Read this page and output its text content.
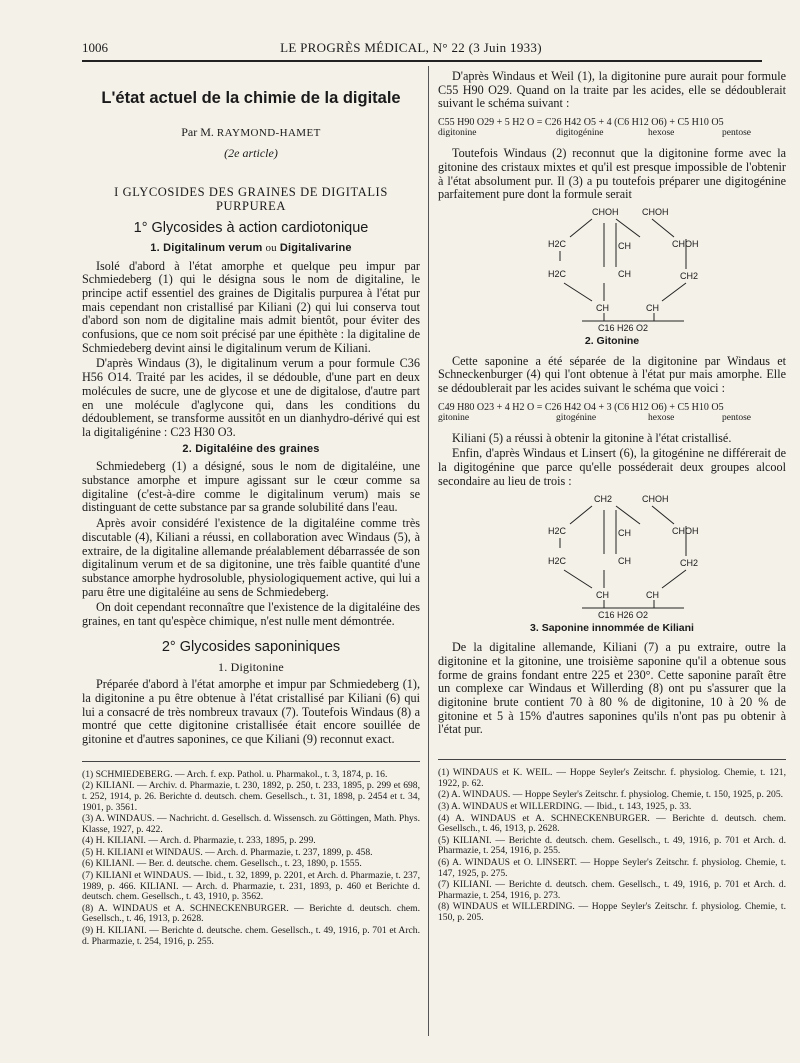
1006	LE PROGRÈS MÉDICAL, N° 22 (3 Juin 1933)
L'état actuel de la chimie de la digitale
Par M. RAYMOND-HAMET
(2e article)
I GLYCOSIDES DES GRAINES DE DIGITALIS PURPUREA
1° Glycosides à action cardiotonique
1. Digitalinum verum ou Digitalivarine

Isolé d'abord à l'état amorphe et quelque peu impur par Schmiedeberg (1) qui le désigna sous le nom de digitaline, le principe actif essentiel des graines de Digitalis purpurea à l'état pur mais cependant non cristallisé par Kiliani (2) qui lui conserva tout d'abord son nom de digitaline mais admit bientôt, pour éviter des confusions, que ce nom soit précisé par une épithète : la digitaline de Schmiedeberg devint ainsi le digitalinum verum de Kiliani.

D'après Windaus (3), le digitalinum verum a pour formule C36 H56 O14. Traité par les acides, il se dédouble, d'une part en deux molécules de sucre, une de glycose et une de digitalose, d'autre part en une molécule d'aglycone qui, dans les conditions du dédoublement, se transforme aussitôt en un dianhydro-dérivé qui est la digitaligénine : C23 H30 O3.

2. Digitaléine des graines

Schmiedeberg (1) a désigné, sous le nom de digitaléine, une substance amorphe et impure agissant sur le cœur comme sa digitaline (c'est-à-dire comme le digitalinum verum) mais se distinguant de cette substance par sa grande solubilité dans l'eau.

Après avoir considéré l'existence de la digitaléine comme très discutable (4), Kiliani a réussi, en collaboration avec Windaus (5), à extraire, de la digitaline allemande préalablement débarrassée de son digitalinum verum et de sa digitonine, une très faible quantité d'une substance amorphe hydrosoluble, physiologiquement active, qui lui a paru être une digitaléine au sens de Schmiedeberg.

On doit cependant reconnaître que l'existence de la digitaléine des graines, en tant qu'espèce chimique, n'est nulle ment démontrée.

2° Glycosides saponiniques
1. Digitonine

Préparée d'abord à l'état amorphe et impur par Schmiedeberg (1), la digitonine a pu être obtenue à l'état cristallisé par Kiliani (6) qui lui a consacré de très nombreux travaux (7). Toutefois Windaus (8) a montré que cette digitonine cristallisée était encore souillée de gitonine et d'autres saponines, ce que Kiliani (9) reconnut exact.

(1) SCHMIEDEBERG. — Arch. f. exp. Pathol. u. Pharmakol., t. 3, 1874, p. 16.
(2) KILIANI. — Archiv. d. Pharmazie, t. 230, 1892, p. 250, t. 233, 1895, p. 299 et 698, t. 252, 1914, p. 26. Berichte d. deutsch. chem. Gesellsch., t. 31, 1898, p. 2454 et t. 34, 1901, p. 3561.
(3) A. WINDAUS. — Nachricht. d. Gesellsch. d. Wissensch. zu Göttingen, Math. Phys. Klasse, 1927, p. 422.
(4) H. KILIANI. — Arch. d. Pharmazie, t. 233, 1895, p. 299.
(5) H. KILIANI et WINDAUS. — Arch. d. Pharmazie, t. 237, 1899, p. 458.
(6) KILIANI. — Ber. d. deutsche. chem. Gesellsch., t. 23, 1890, p. 1555.
(7) KILIANI et WINDAUS. — Ibid., t. 32, 1899, p. 2201, et Arch. d. Pharmazie, t. 237, 1989, p. 466. KILIANI. — Arch. d. Pharmazie, t. 231, 1893, p. 460 et Berichte d. deutsch. chem. Gesellsch., t. 43, 1910, p. 3562.
(8) A. WINDAUS et A. SCHNECKENBURGER. — Berichte d. deutsch. chem. Gesellsch., t. 46, 1913, p. 2628.
(9) H. KILIANI. — Berichte d. deutsche. chem. Gesellsch., t. 49, 1916, p. 701 et Arch. d. Pharmazie, t. 254, 1916, p. 255.

D'après Windaus et Weil (1), la digitonine pure aurait pour formule C55 H90 O29. Quand on la traite par les acides, elle se dédoublerait suivant le schéma suivant :

C55 H90 O29 + 5 H2 O = C26 H42 O5 + 4 (C6 H12 O6) + C5 H10 O5
digitonine	digitogénine	hexose	pentose

Toutefois Windaus (2) reconnut que la digitonine forme avec la gitonine des cristaux mixtes et qu'il est presque impossible de l'obtenir à l'état absolument pur. Il (3) a pu toutefois préparer une digitogénine parfaitement pure dont la formule serait

CHOH	CHOH
H2C
H2C
CH
CH
CHOH
CH2
CH	CH
C16 H26 O2
2. Gitonine

Cette saponine a été séparée de la digitonine par Windaus et Schneckenburger (4) qui l'ont obtenue à l'état pur mais amorphe. Elle se dédoublerait par les acides suivant le schéma que voici :

C49 H80 O23 + 4 H2 O = C26 H42 O4 + 3 (C6 H12 O6) + C5 H10 O5
gitonine	gitogénine	hexose	pentose

Kiliani (5) a réussi à obtenir la gitonine à l'état cristallisé.

Enfin, d'après Windaus et Linsert (6), la gitogénine ne différerait de la digitogénine que parce qu'elle posséderait deux groupes alcool secondaire au lieu de trois :

CH2	CHOH
H2C
H2C
CH
CH
CHOH
CH2
CH	CH
C16 H26 O2
3. Saponine innommée de Kiliani

De la digitaline allemande, Kiliani (7) a pu extraire, outre la digitonine et la gitonine, une troisième saponine qu'il a obtenue sous forme de grains fondant entre 225 et 230°. Cette saponine paraît être un complexe car Windaus et Willerding (8) ont pu s'assurer que la digitonine brute contient 70 à 80 % de digitonine, 10 à 20 % de gitonine et 5 à 15% d'autres saponines qu'ils n'ont pas pu obtenir à l'état pur.

(1) WINDAUS et K. WEIL. — Hoppe Seyler's Zeitschr. f. physiolog. Chemie, t. 121, 1922, p. 62.
(2) A. WINDAUS. — Hoppe Seyler's Zeitschr. f. physiolog. Chemie, t. 150, 1925, p. 205.
(3) A. WINDAUS et WILLERDING. — Ibid., t. 143, 1925, p. 33.
(4) A. WINDAUS et A. SCHNECKENBURGER. — Berichte d. deutsch. chem. Gesellsch., t. 46, 1913, p. 2628.
(5) KILIANI. — Berichte d. deutsch. chem. Gesellsch., t. 49, 1916, p. 701 et Arch. d. Pharmazie, t. 254, 1916, p. 255.
(6) A. WINDAUS et O. LINSERT. — Hoppe Seyler's Zeitschr. f. physiolog. Chemie, t. 147, 1925, p. 275.
(7) KILIANI. — Berichte d. deutsch. chem. Gesellsch., t. 49, 1916, p. 701 et Arch. d. Pharmazie, t. 254, 1916, p. 273.
(8) WINDAUS et WILLERDING. — Hoppe Seyler's Zeitschr. f. physiolog. Chemie, t. 150, p. 205.
